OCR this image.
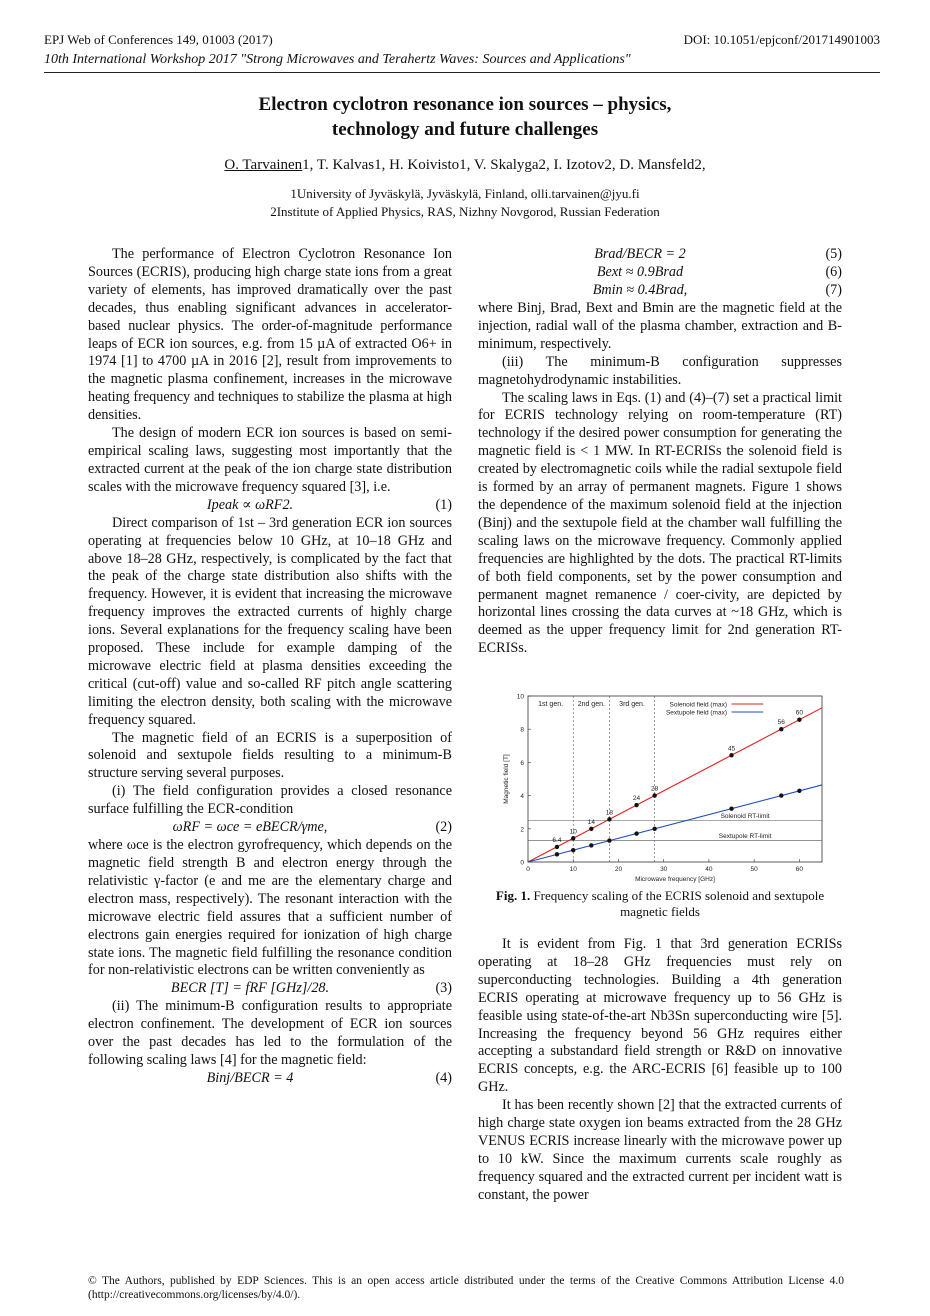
EPJ Web of Conferences 149, 01003 (2017)	DOI: 10.1051/epjconf/201714901003
10th International Workshop 2017 "Strong Microwaves and Terahertz Waves: Sources and Applications"
Electron cyclotron resonance ion sources – physics,
technology and future challenges
O. Tarvainen1, T. Kalvas1, H. Koivisto1, V. Skalyga2, I. Izotov2, D. Mansfeld2,
1University of Jyväskylä, Jyväskylä, Finland, olli.tarvainen@jyu.fi
2Institute of Applied Physics, RAS, Nizhny Novgorod, Russian Federation

The performance of Electron Cyclotron Resonance Ion Sources (ECRIS), producing high charge state ions from a great variety of elements, has improved dramatically over the past decades, thus enabling significant advances in accelerator-based nuclear physics. The order-of-magnitude performance leaps of ECR ion sources, e.g. from 15 µA of extracted O6+ in 1974 [1] to 4700 µA in 2016 [2], result from improvements to the magnetic plasma confinement, increases in the microwave heating frequency and techniques to stabilize the plasma at high densities.

The design of modern ECR ion sources is based on semi-empirical scaling laws, suggesting most importantly that the extracted current at the peak of the ion charge state distribution scales with the microwave frequency squared [3], i.e.

Ipeak ∝ ωRF2.	(1)

Direct comparison of 1st – 3rd generation ECR ion sources operating at frequencies below 10 GHz, at 10–18 GHz and above 18–28 GHz, respectively, is complicated by the fact that the peak of the charge state distribution also shifts with the frequency. However, it is evident that increasing the microwave frequency improves the extracted currents of highly charge ions. Several explanations for the frequency scaling have been proposed. These include for example damping of the microwave electric field at plasma densities exceeding the critical (cut-off) value and so-called RF pitch angle scattering limiting the electron density, both scaling with the microwave frequency squared.

The magnetic field of an ECRIS is a superposition of solenoid and sextupole fields resulting to a minimum-B structure serving several purposes.

(i) The field configuration provides a closed resonance surface fulfilling the ECR-condition

ωRF = ωce = eBECR/γme,	(2)

where ωce is the electron gyrofrequency, which depends on the magnetic field strength B and electron energy through the relativistic γ-factor (e and me are the elementary charge and electron mass, respectively). The resonant interaction with the microwave electric field assures that a sufficient number of electrons gain energies required for ionization of high charge state ions. The magnetic field fulfilling the resonance condition for non-relativistic electrons can be written conveniently as

BECR [T] = fRF [GHz]/28.	(3)

(ii) The minimum-B configuration results to appropriate electron confinement. The development of ECR ion sources over the past decades has led to the formulation of the following scaling laws [4] for the magnetic field:

Binj/BECR = 4	(4)
Brad/BECR = 2	(5)
Bext ≈ 0.9Brad	(6)
Bmin ≈ 0.4Brad,	(7)

where Binj, Brad, Bext and Bmin are the magnetic field at the injection, radial wall of the plasma chamber, extraction and B-minimum, respectively.

(iii) The minimum-B configuration suppresses magnetohydrodynamic instabilities.

The scaling laws in Eqs. (1) and (4)–(7) set a practical limit for ECRIS technology relying on room-temperature (RT) technology if the desired power consumption for generating the magnetic field is < 1 MW. In RT-ECRISs the solenoid field is created by electromagnetic coils while the radial sextupole field is formed by an array of permanent magnets. Figure 1 shows the dependence of the maximum solenoid field at the injection (Binj) and the sextupole field at the chamber wall fulfilling the scaling laws on the microwave frequency. Commonly applied frequencies are highlighted by the dots. The practical RT-limits of both field components, set by the power consumption and permanent magnet remanence / coer-civity, are depicted by horizontal lines crossing the data curves at ~18 GHz, which is deemed as the upper frequency limit for 2nd generation RT-ECRISs.

1st gen. 2nd gen. 3rd gen.
0	10	20	30	40	50	60
0
2
4
6
8
10
Microwave frequency [GHz]
Magnetic field [T]
Solenoid RT-limit
Sextupole RT-limit
6.4
10
14
18
24
28
45
56
60
Solenoid field (max)
Sextupole field (max)
Fig. 1. Frequency scaling of the ECRIS solenoid and sextupole magnetic fields

It is evident from Fig. 1 that 3rd generation ECRISs operating at 18–28 GHz frequencies must rely on superconducting technologies. Building a 4th generation ECRIS operating at microwave frequency up to 56 GHz is feasible using state-of-the-art Nb3Sn superconducting wire [5]. Increasing the frequency beyond 56 GHz requires either accepting a substandard field strength or R&D on innovative ECRIS concepts, e.g. the ARC-ECRIS [6] feasible up to 100 GHz.

It has been recently shown [2] that the extracted currents of high charge state oxygen ion beams extracted from the 28 GHz VENUS ECRIS increase linearly with the microwave power up to 10 kW. Since the maximum currents scale roughly as frequency squared and the extracted current per incident watt is constant, the power

© The Authors, published by EDP Sciences. This is an open access article distributed under the terms of the Creative Commons Attribution License 4.0 (http://creativecommons.org/licenses/by/4.0/).
